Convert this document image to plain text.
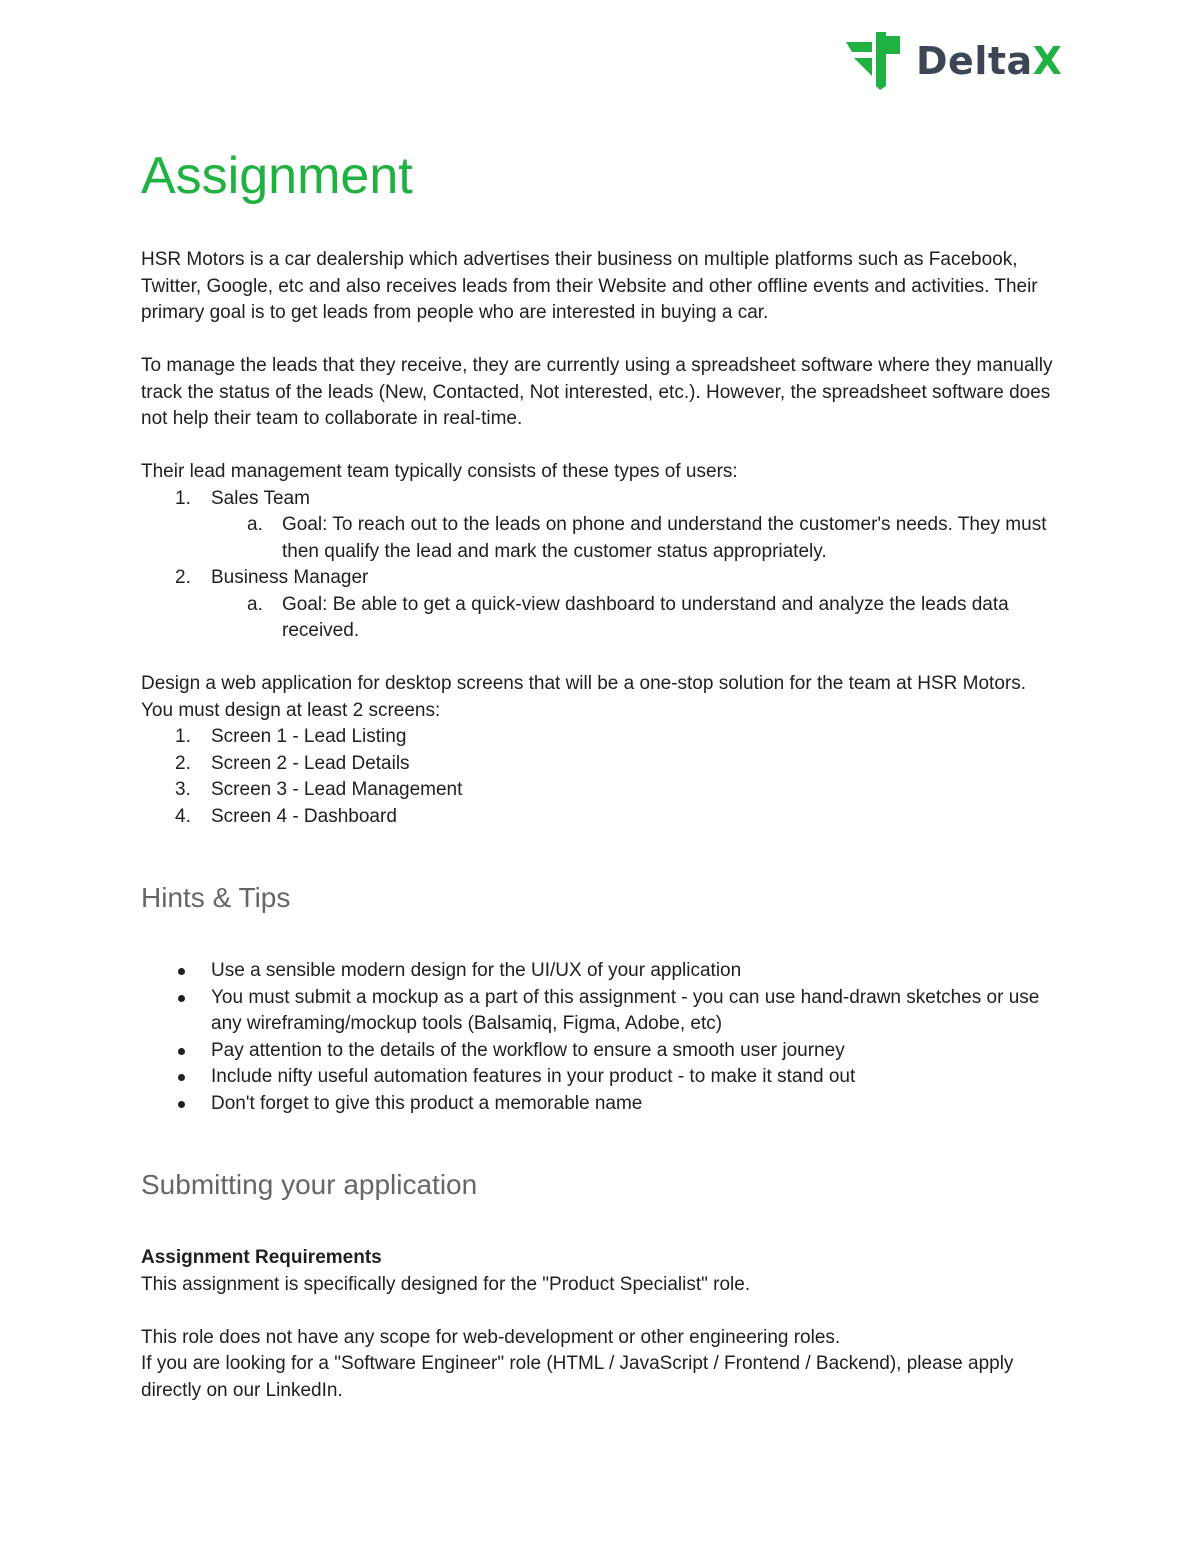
DeltaX
Assignment

HSR Motors is a car dealership which advertises their business on multiple platforms such as Facebook, Twitter, Google, etc and also receives leads from their Website and other offline events and activities. Their primary goal is to get leads from people who are interested in buying a car.

To manage the leads that they receive, they are currently using a spreadsheet software where they manually track the status of the leads (New, Contacted, Not interested, etc.). However, the spreadsheet software does not help their team to collaborate in real-time.

Their lead management team typically consists of these types of users:

1. Sales Team
a. Goal: To reach out to the leads on phone and understand the customer's needs. They must then qualify the lead and mark the customer status appropriately.
2. Business Manager
a. Goal: Be able to get a quick-view dashboard to understand and analyze the leads data received.

Design a web application for desktop screens that will be a one-stop solution for the team at HSR Motors.

You must design at least 2 screens:

1. Screen 1 - Lead Listing
2. Screen 2 - Lead Details
3. Screen 3 - Lead Management
4. Screen 4 - Dashboard
Hints & Tips
Use a sensible modern design for the UI/UX of your application
You must submit a mockup as a part of this assignment - you can use hand-drawn sketches or use any wireframing/mockup tools (Balsamiq, Figma, Adobe, etc)
Pay attention to the details of the workflow to ensure a smooth user journey
Include nifty useful automation features in your product - to make it stand out
Don't forget to give this product a memorable name
Submitting your application

Assignment Requirements

This assignment is specifically designed for the "Product Specialist" role.

This role does not have any scope for web-development or other engineering roles.

If you are looking for a "Software Engineer" role (HTML / JavaScript / Frontend / Backend), please apply directly on our LinkedIn.
